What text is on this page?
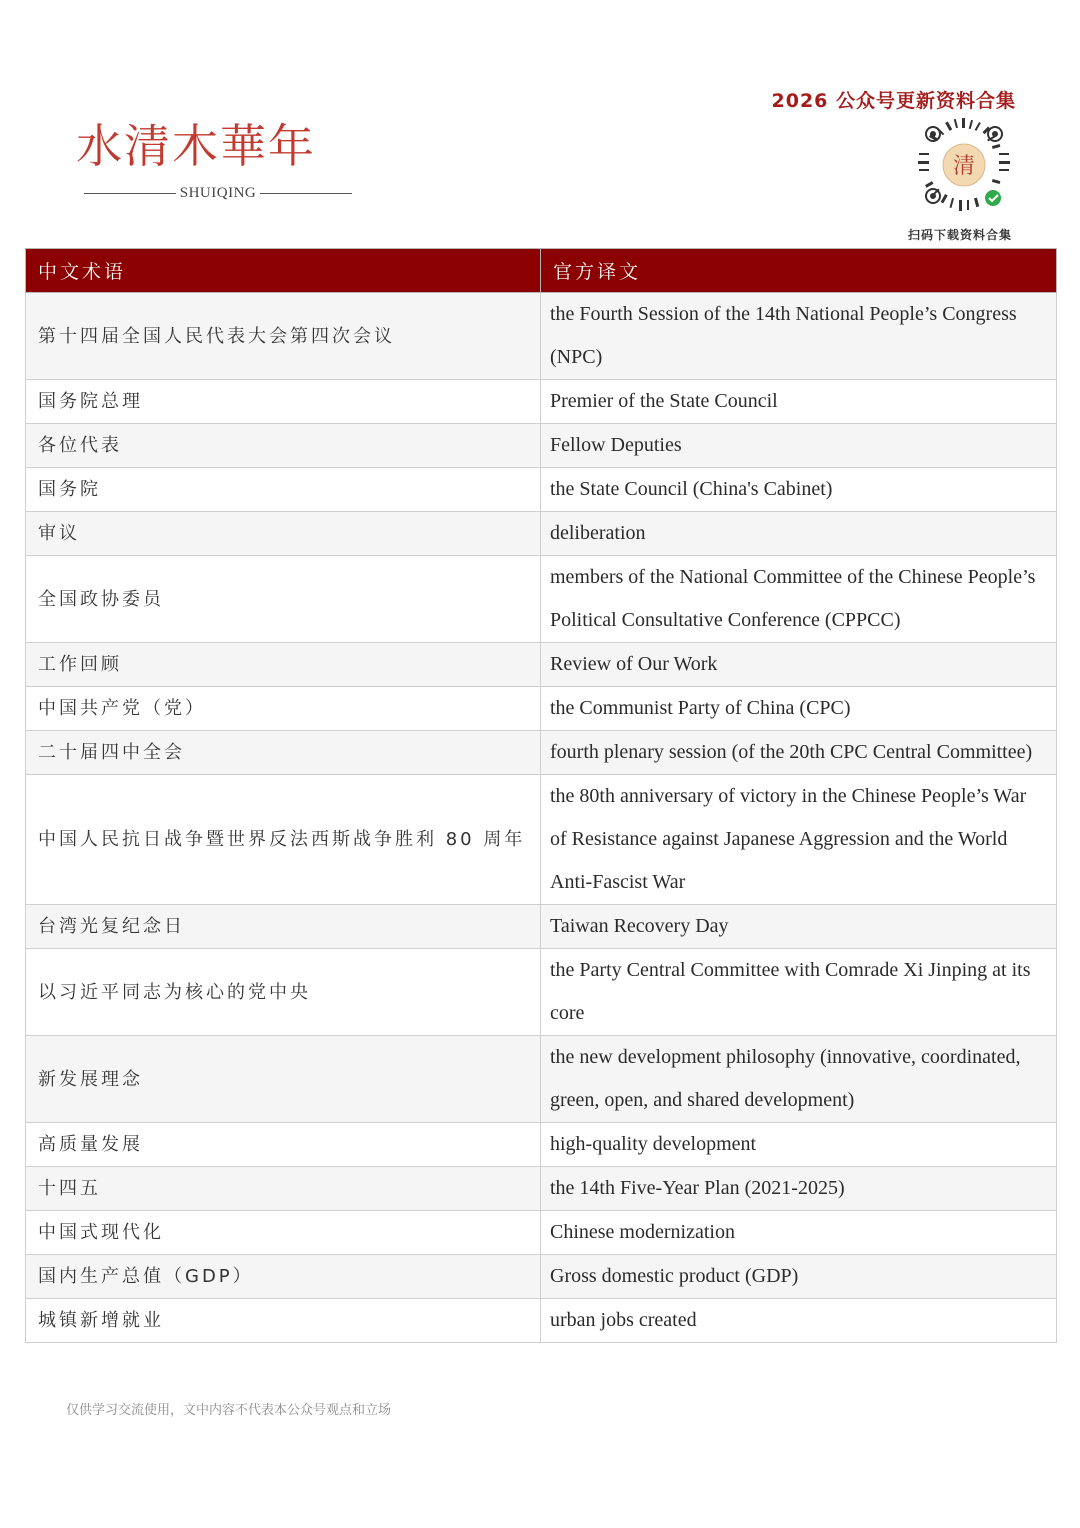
水清木華年
SHUIQING
2026 公众号更新资料合集
清
扫码下载资料合集
中文术语	官方译文
第十四届全国人民代表大会第四次会议	the Fourth Session of the 14th National People’s Congress (NPC)
国务院总理	Premier of the State Council
各位代表	Fellow Deputies
国务院	the State Council (China's Cabinet)
审议	deliberation
全国政协委员	members of the National Committee of the Chinese People’s Political Consultative Conference (CPPCC)
工作回顾	Review of Our Work
中国共产党（党）	the Communist Party of China (CPC)
二十届四中全会	fourth plenary session (of the 20th CPC Central Committee)
中国人民抗日战争暨世界反法西斯战争胜利 80 周年	the 80th anniversary of victory in the Chinese People’s War of Resistance against Japanese Aggression and the World Anti-Fascist War
台湾光复纪念日	Taiwan Recovery Day
以习近平同志为核心的党中央	the Party Central Committee with Comrade Xi Jinping at its core
新发展理念	the new development philosophy (innovative, coordinated, green, open, and shared development)
高质量发展	high-quality development
十四五	the 14th Five-Year Plan (2021-2025)
中国式现代化	Chinese modernization
国内生产总值（GDP）	Gross domestic product (GDP)
城镇新增就业	urban jobs created
仅供学习交流使用，文中内容不代表本公众号观点和立场
